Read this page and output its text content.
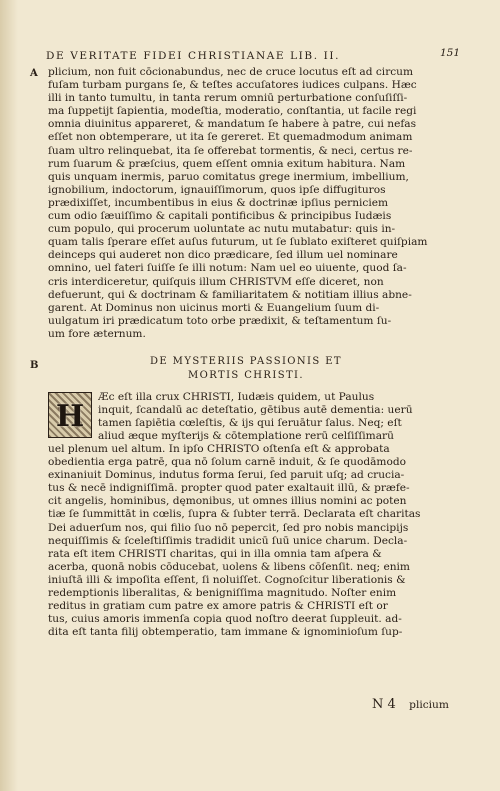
DE VERITATE FIDEI CHRISTIANAE LIB. II.	151
A
B
plicium, non fuit cōcionabundus, nec de cruce locutus eſt ad circum
fuſam turbam purgans ſe, & teſtes accuſatores iudices culpans. Hæc
illi in tanto tumultu, in tanta rerum omniū perturbatione conſuſiſſi-
ma ſuppetijt ſapientia, modeſtia, moderatio, conſtantia, ut facile regi
omnia diuinitus appareret, & mandatum ſe habere à patre, cui nefas
eſſet non obtemperare, ut ita ſe gereret. Et quemadmodum animam
ſuam ultro relinquebat, ita ſe offerebat tormentis, & neci, certus re-
rum ſuarum & præſcius, quem eſſent omnia exitum habitura. Nam
quis unquam inermis, paruo comitatus grege inermium, imbellium,
ignobilium, indoctorum, ignauiſſimorum, quos ipſe diffugituros
prædixiſſet, incumbentibus in eius & doctrinæ ipſius perniciem
cum odio ſæuiſſimo & capitali pontificibus & principibus Iudæis
cum populo, qui procerum uoluntate ac nutu mutabatur: quis in-
quam talis ſperare eſſet auſus futurum, ut ſe ſublato exiſteret quiſpiam
deinceps qui auderet non dico prædicare, ſed illum uel nominare
omnino, uel fateri ſuiſſe ſe illi notum: Nam uel eo uiuente, quod ſa-
cris interdiceretur, quiſquis illum CHRISTVM eſſe diceret, non
defuerunt, qui & doctrinam & familiaritatem & notitiam illius abne-
garent. At Dominus non uicinus morti & Euangelium ſuum di-
uulgatum iri prædicatum toto orbe prædixit, & teſtamentum ſu-
um fore æternum.
DE MYSTERIIS PASSIONIS ET
MORTIS CHRISTI.
H
Æc eſt illa crux CHRISTI, Iudæis quidem, ut Paulus
inquit, ſcandalū ac deteſtatio, gētibus autē dementia: uerū
tamen ſapiētia cœleſtis, & ijs qui ſeruātur ſalus. Neq; eſt
aliud æque myſterijs & cōtemplatione rerū celſiſſimarū
uel plenum uel altum. In ipſo CHRISTO oſtenſa eſt & approbata
obedientia erga patrē, qua nō ſolum carnē induit, & ſe quodāmodo
exinaniuit Dominus, indutus forma ſerui, ſed paruit uſq; ad crucia-
tus & necē indigniſſimā. propter quod pater exaltauit illū, & præfe-
cit angelis, hominibus, dęmonibus, ut omnes illius nomini ac poten
tiæ ſe ſummittāt in cœlis, ſupra & ſubter terrā. Declarata eſt charitas
Dei aduerſum nos, qui filio ſuo nō pepercit, ſed pro nobis mancipijs
nequiſſimis & ſceleſtiſſimis tradidit unicū ſuū unice charum. Decla-
rata eſt item CHRISTI charitas, qui in illa omnia tam aſpera &
acerba, quonā nobis cōducebat, uolens & libens cōſenſit. neq; enim
iniuſtā illi & impoſita eſſent, ſi noluiſſet. Cognoſcitur liberationis &
redemptionis liberalitas, & benigniſſima magnitudo. Noſter enim
reditus in gratiam cum patre ex amore patris & CHRISTI eſt or
tus, cuius amoris immenſa copia quod noſtro deerat ſuppleuit. ad-
dita eſt tanta filij obtemperatio, tam immane & ignominioſum ſup-
N 4 plicium
